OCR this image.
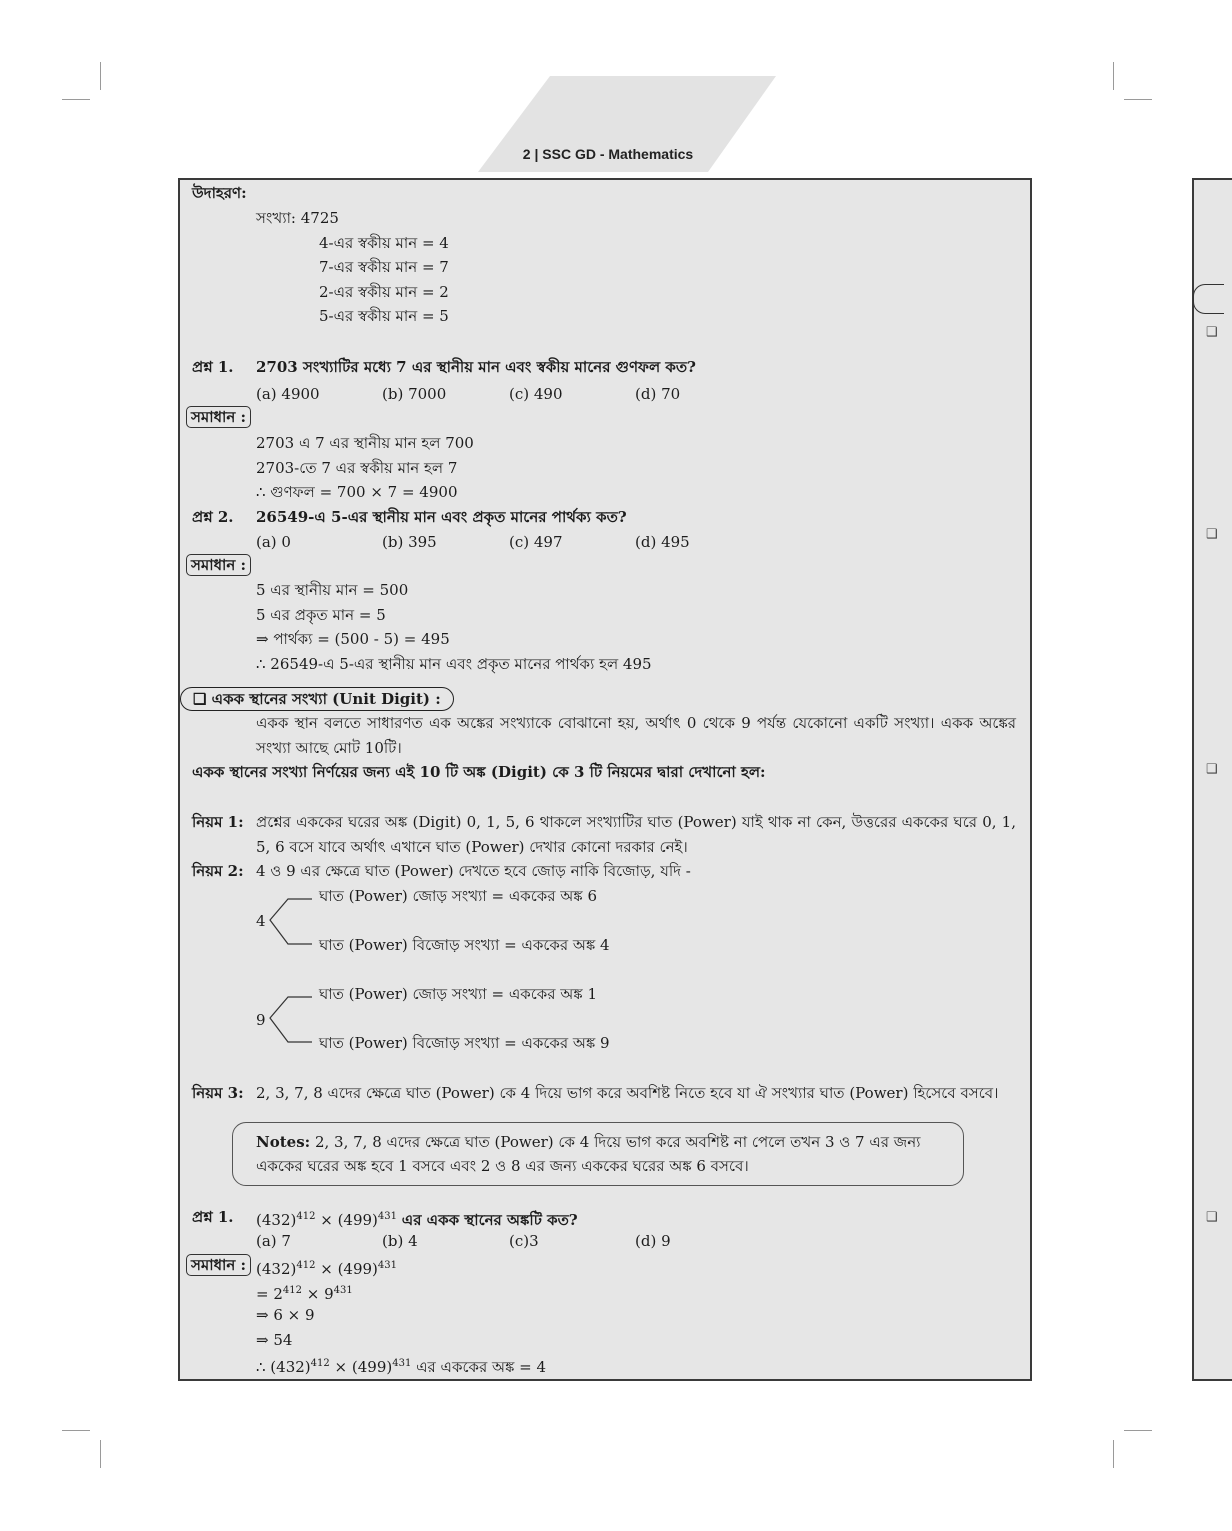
2 | SSC GD - Mathematics
❑
❑
❑
❑
উদাহরণ:
সংখ্যা: 4725
4-এর স্বকীয় মান = 4
7-এর স্বকীয় মান = 7
2-এর স্বকীয় মান = 2
5-এর স্বকীয় মান = 5
প্রশ্ন 1. 2703 সংখ্যাটির মধ্যে 7 এর স্থানীয় মান এবং স্বকীয় মানের গুণফল কত?
(a) 4900	(b) 7000	(c) 490	(d) 70
সমাধান :
2703 এ 7 এর স্থানীয় মান হল 700
2703-তে 7 এর স্বকীয় মান হল 7
∴ গুণফল = 700 × 7 = 4900
প্রশ্ন 2. 26549-এ 5-এর স্থানীয় মান এবং প্রকৃত মানের পার্থক্য কত?
(a) 0	(b) 395	(c) 497	(d) 495
সমাধান :
5 এর স্থানীয় মান = 500
5 এর প্রকৃত মান = 5
⇒ পার্থক্য = (500 - 5) = 495
∴ 26549-এ 5-এর স্থানীয় মান এবং প্রকৃত মানের পার্থক্য হল 495
❑ একক স্থানের সংখ্যা (Unit Digit) :
একক স্থান বলতে সাধারণত এক অঙ্কের সংখ্যাকে বোঝানো হয়, অর্থাৎ 0 থেকে 9 পর্যন্ত যেকোনো একটি সংখ্যা। একক অঙ্কের সংখ্যা আছে মোট 10টি।
একক স্থানের সংখ্যা নির্ণয়ের জন্য এই 10 টি অঙ্ক (Digit) কে 3 টি নিয়মের দ্বারা দেখানো হল:
নিয়ম 1: প্রশ্নের এককের ঘরের অঙ্ক (Digit) 0, 1, 5, 6 থাকলে সংখ্যাটির ঘাত (Power) যাই থাক না কেন, উত্তরের এককের ঘরে 0, 1, 5, 6 বসে যাবে অর্থাৎ এখানে ঘাত (Power) দেখার কোনো দরকার নেই।
নিয়ম 2: 4 ও 9 এর ক্ষেত্রে ঘাত (Power) দেখতে হবে জোড় নাকি বিজোড়, যদি -
4
ঘাত (Power) জোড় সংখ্যা = এককের অঙ্ক 6
ঘাত (Power) বিজোড় সংখ্যা = এককের অঙ্ক 4
9
ঘাত (Power) জোড় সংখ্যা = এককের অঙ্ক 1
ঘাত (Power) বিজোড় সংখ্যা = এককের অঙ্ক 9
নিয়ম 3: 2, 3, 7, 8 এদের ক্ষেত্রে ঘাত (Power) কে 4 দিয়ে ভাগ করে অবশিষ্ট নিতে হবে যা ঐ সংখ্যার ঘাত (Power) হিসেবে বসবে।
Notes: 2, 3, 7, 8 এদের ক্ষেত্রে ঘাত (Power) কে 4 দিয়ে ভাগ করে অবশিষ্ট না পেলে তখন 3 ও 7 এর জন্য
এককের ঘরের অঙ্ক হবে 1 বসবে এবং 2 ও 8 এর জন্য এককের ঘরের অঙ্ক 6 বসবে।
প্রশ্ন 1. $(432)^{412} \times (499)^{431}$ এর একক স্থানের অঙ্কটি কত?
(a) 7	(b) 4	(c)3	(d) 9
সমাধান : $(432)^{412} \times (499)^{431}$
= $2^{412} \times 9^{431}$
⇒ 6 × 9
⇒ 54
∴ $(432)^{412} \times (499)^{431}$ এর এককের অঙ্ক = 4
